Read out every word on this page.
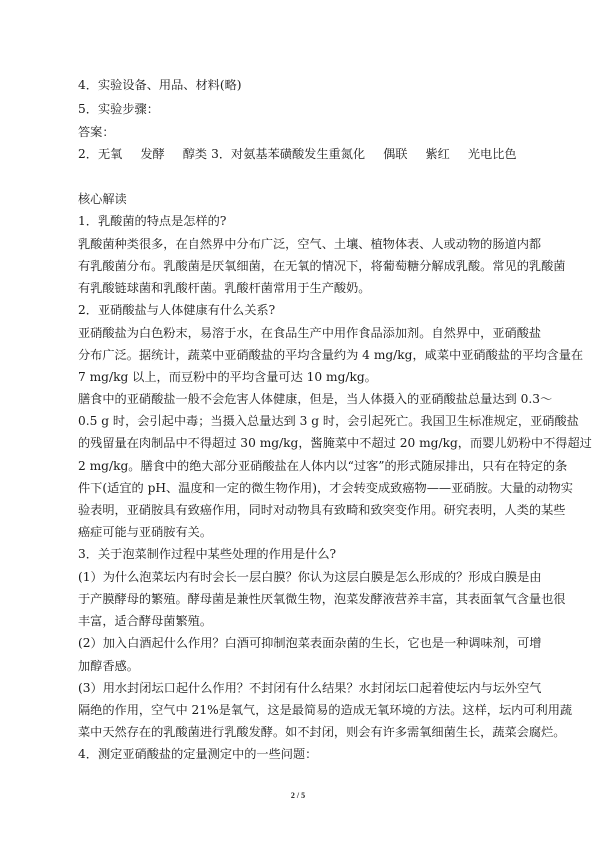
4．实验设备、用品、材料(略)
5．实验步骤：
答案：
2．无氧 发酵 醇类 3．对氨基苯磺酸发生重氮化 偶联 紫红 光电比色
核心解读
1．乳酸菌的特点是怎样的?
乳酸菌种类很多，在自然界中分布广泛，空气、土壤、植物体表、人或动物的肠道内都
有乳酸菌分布。乳酸菌是厌氧细菌，在无氧的情况下，将葡萄糖分解成乳酸。常见的乳酸菌
有乳酸链球菌和乳酸杆菌。乳酸杆菌常用于生产酸奶。
2．亚硝酸盐与人体健康有什么关系?
亚硝酸盐为白色粉末，易溶于水，在食品生产中用作食品添加剂。自然界中，亚硝酸盐
分布广泛。据统计，蔬菜中亚硝酸盐的平均含量约为 4 mg/kg，咸菜中亚硝酸盐的平均含量在
7 mg/kg 以上，而豆粉中的平均含量可达 10 mg/kg。
膳食中的亚硝酸盐一般不会危害人体健康，但是，当人体摄入的亚硝酸盐总量达到 0.3～
0.5 g 时，会引起中毒；当摄入总量达到 3 g 时，会引起死亡。我国卫生标准规定，亚硝酸盐
的残留量在肉制品中不得超过 30 mg/kg，酱腌菜中不超过 20 mg/kg，而婴儿奶粉中不得超过
2 mg/kg。膳食中的绝大部分亚硝酸盐在人体内以“过客”的形式随尿排出，只有在特定的条
件下(适宜的 pH、温度和一定的微生物作用)，才会转变成致癌物——亚硝胺。大量的动物实
验表明，亚硝胺具有致癌作用，同时对动物具有致畸和致突变作用。研究表明，人类的某些
癌症可能与亚硝胺有关。
3．关于泡菜制作过程中某些处理的作用是什么?
(1）为什么泡菜坛内有时会长一层白膜？你认为这层白膜是怎么形成的？形成白膜是由
于产膜酵母的繁殖。酵母菌是兼性厌氧微生物，泡菜发酵液营养丰富，其表面氧气含量也很
丰富，适合酵母菌繁殖。
(2）加入白酒起什么作用？白酒可抑制泡菜表面杂菌的生长，它也是一种调味剂，可增
加醇香感。
(3）用水封闭坛口起什么作用？不封闭有什么结果？水封闭坛口起着使坛内与坛外空气
隔绝的作用，空气中 21%是氧气，这是最简易的造成无氧环境的方法。这样，坛内可利用蔬
菜中天然存在的乳酸菌进行乳酸发酵。如不封闭，则会有许多需氧细菌生长，蔬菜会腐烂。
4．测定亚硝酸盐的定量测定中的一些问题：
2 / 5
